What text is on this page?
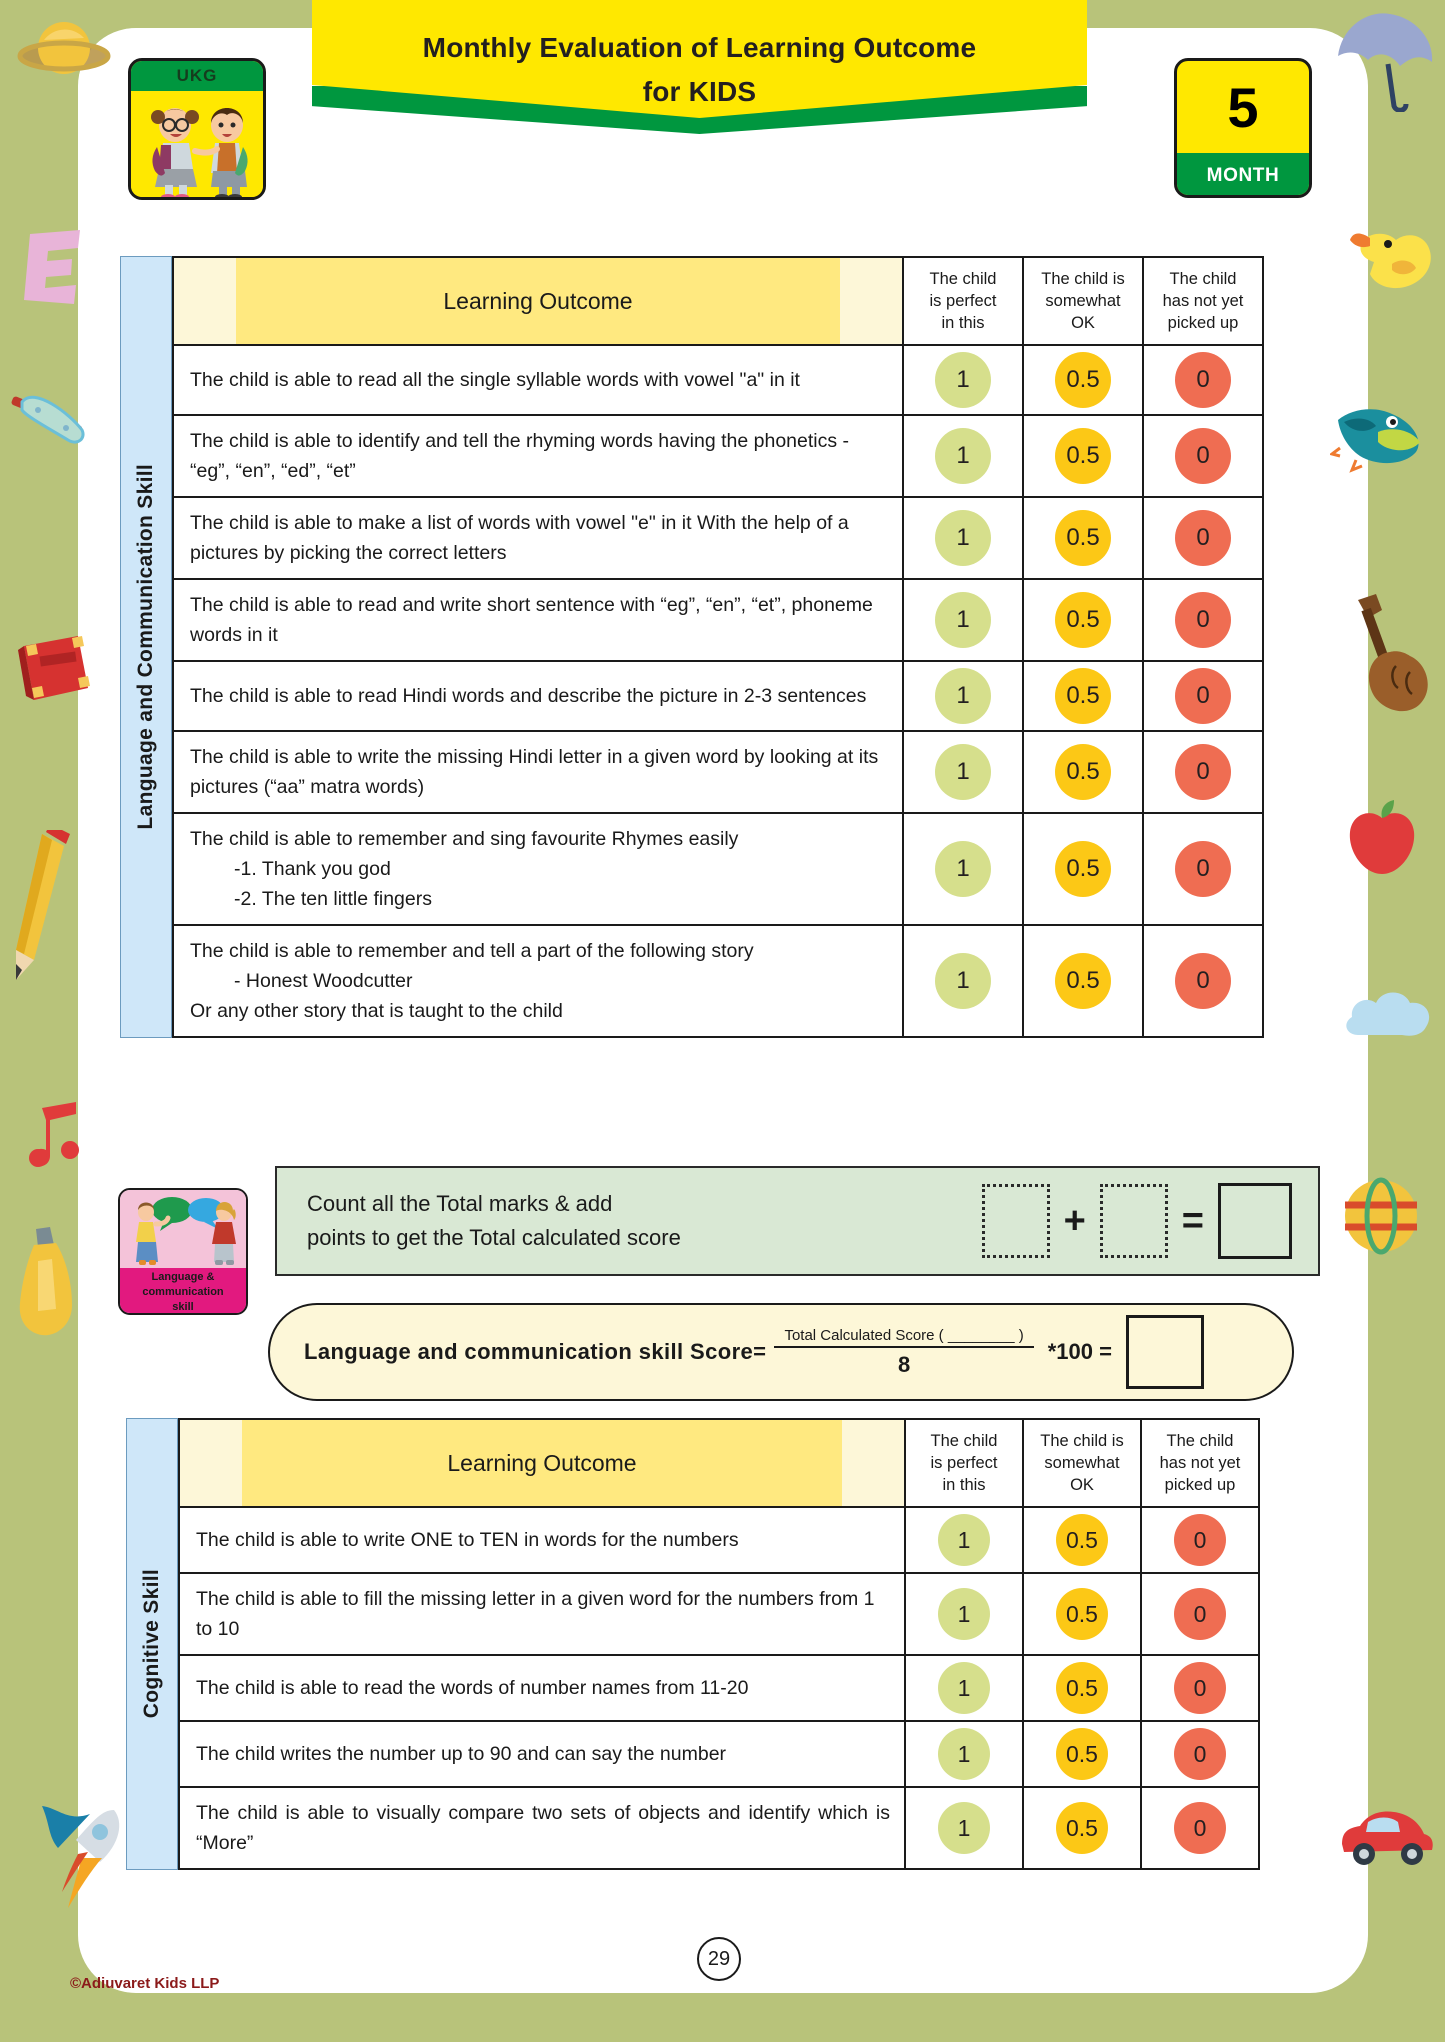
Monthly Evaluation of Learning Outcome
for KIDS
UKG	5
MONTH
Language and Communication Skill
Learning Outcome

The child
is perfect
in this

The child is
somewhat
OK

The child
has not yet
picked up

The child is able to read all the single syllable words with vowel "a" in it	1	0.5	0
The child is able to identify and tell the rhyming words having the phonetics - “eg”, “en”, “ed”, “et”	1	0.5	0
The child is able to make a list of words with vowel "e" in it With the help of a pictures by picking the correct letters	1	0.5	0
The child is able to read and write short sentence with “eg”, “en”, “et”, phoneme words in it	1	0.5	0
The child is able to read Hindi words and describe the picture in 2-3 sentences	1	0.5	0
The child is able to write the missing Hindi letter in a given word by looking at its pictures (“aa” matra words)	1	0.5	0
The child is able to remember and sing favourite Rhymes easily
-1. Thank you god
-2. The ten little fingers	1	0.5	0
The child is able to remember and tell a part of the following story
- Honest Woodcutter
Or any other story that is taught to the child	1	0.5	0
Count all the Total marks & add
points to get the Total calculated score	+	=
Language &
communication
skill
Language and communication skill Score= $\frac{\text{Total Calculated Score ( \_\_\_\_\_\_\_\_ )}}{8} *100$ =
Cognitive Skill
Learning Outcome

The child
is perfect
in this

The child is
somewhat
OK

The child
has not yet
picked up

The child is able to write ONE to TEN in words for the numbers	1	0.5	0
The child is able to fill the missing letter in a given word for the numbers from 1 to 10	1	0.5	0
The child is able to read the words of number names from 11-20	1	0.5	0
The child writes the number up to 90 and can say the number	1	0.5	0
The child is able to visually compare two sets of objects and identify which is “More”	1	0.5	0
29
©Adiuvaret Kids LLP
